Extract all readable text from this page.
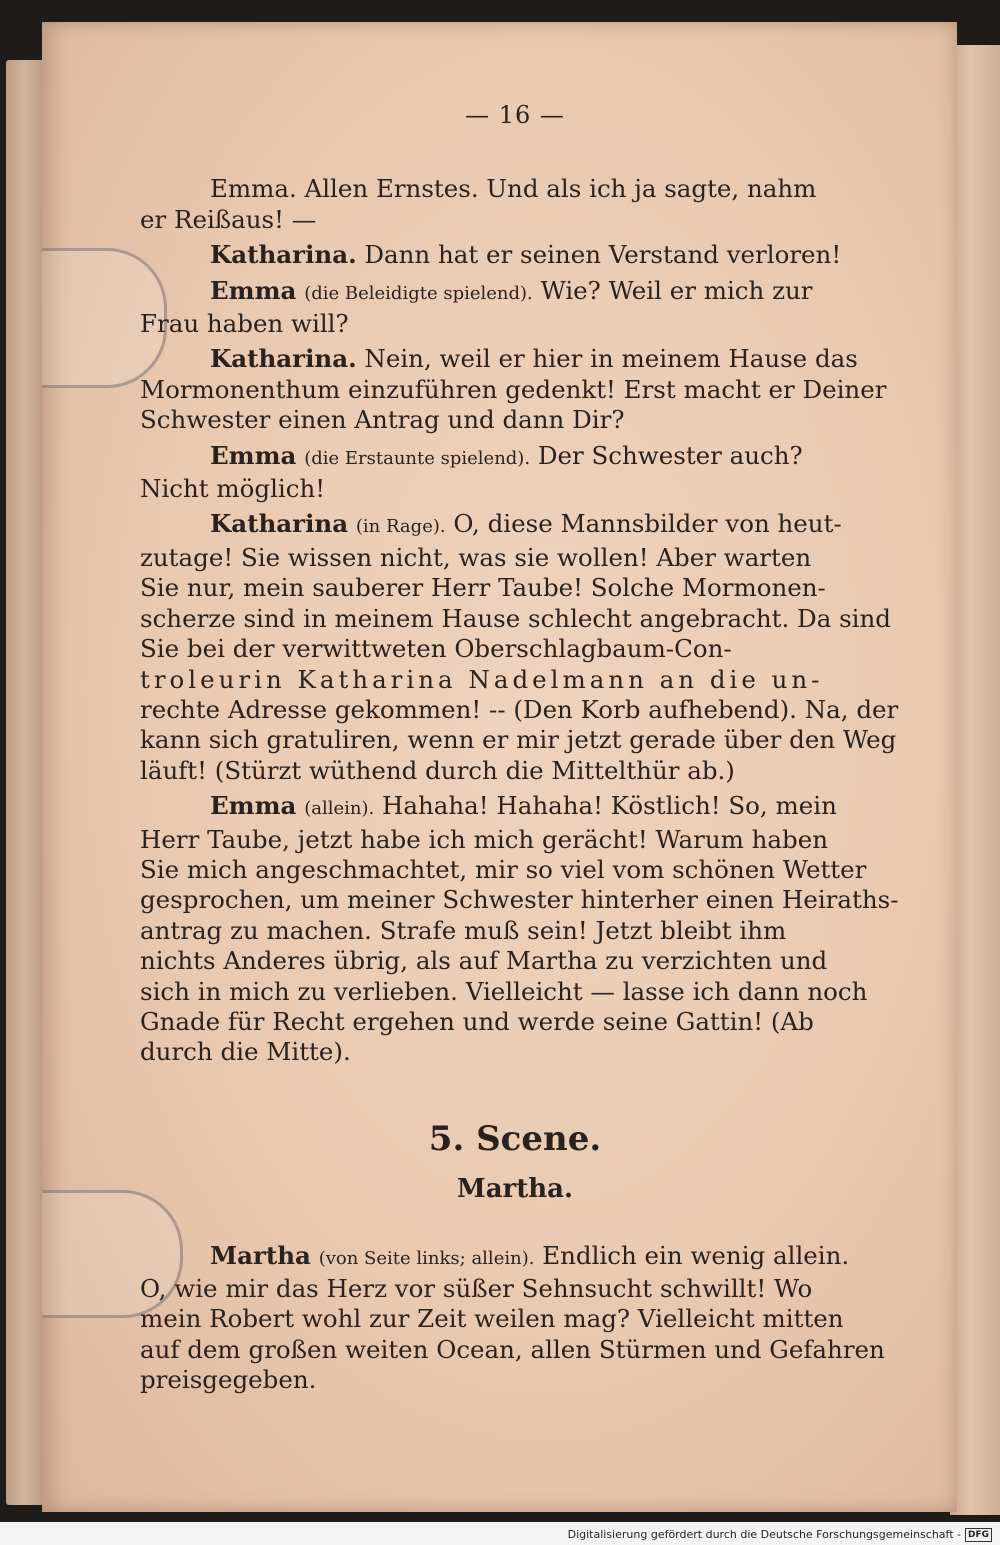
— 16 —
Emma. Allen Ernstes. Und als ich ja sagte, nahm
er Reißaus! —
Katharina. Dann hat er seinen Verstand verloren!
Emma (die Beleidigte spielend). Wie? Weil er mich zur
Frau haben will?
Katharina. Nein, weil er hier in meinem Hause das
Mormonenthum einzuführen gedenkt! Erst macht er Deiner
Schwester einen Antrag und dann Dir?
Emma (die Erstaunte spielend). Der Schwester auch?
Nicht möglich!
Katharina (in Rage). O, diese Mannsbilder von heut-
zutage! Sie wissen nicht, was sie wollen! Aber warten
Sie nur, mein sauberer Herr Taube! Solche Mormonen-
scherze sind in meinem Hause schlecht angebracht. Da sind
Sie bei der verwittweten Oberschlagbaum-Con-
troleurin Katharina Nadelmann an die un-
rechte Adresse gekommen! -- (Den Korb aufhebend). Na, der
kann sich gratuliren, wenn er mir jetzt gerade über den Weg
läuft! (Stürzt wüthend durch die Mittelthür ab.)
Emma (allein). Hahaha! Hahaha! Köstlich! So, mein
Herr Taube, jetzt habe ich mich gerächt! Warum haben
Sie mich angeschmachtet, mir so viel vom schönen Wetter
gesprochen, um meiner Schwester hinterher einen Heiraths-
antrag zu machen. Strafe muß sein! Jetzt bleibt ihm
nichts Anderes übrig, als auf Martha zu verzichten und
sich in mich zu verlieben. Vielleicht — lasse ich dann noch
Gnade für Recht ergehen und werde seine Gattin! (Ab
durch die Mitte).
5. Scene.
Martha.
Martha (von Seite links; allein). Endlich ein wenig allein.
O, wie mir das Herz vor süßer Sehnsucht schwillt! Wo
mein Robert wohl zur Zeit weilen mag? Vielleicht mitten
auf dem großen weiten Ocean, allen Stürmen und Gefahren
preisgegeben.
Digitalisierung gefördert durch die Deutsche Forschungsgemeinschaft - DFG
